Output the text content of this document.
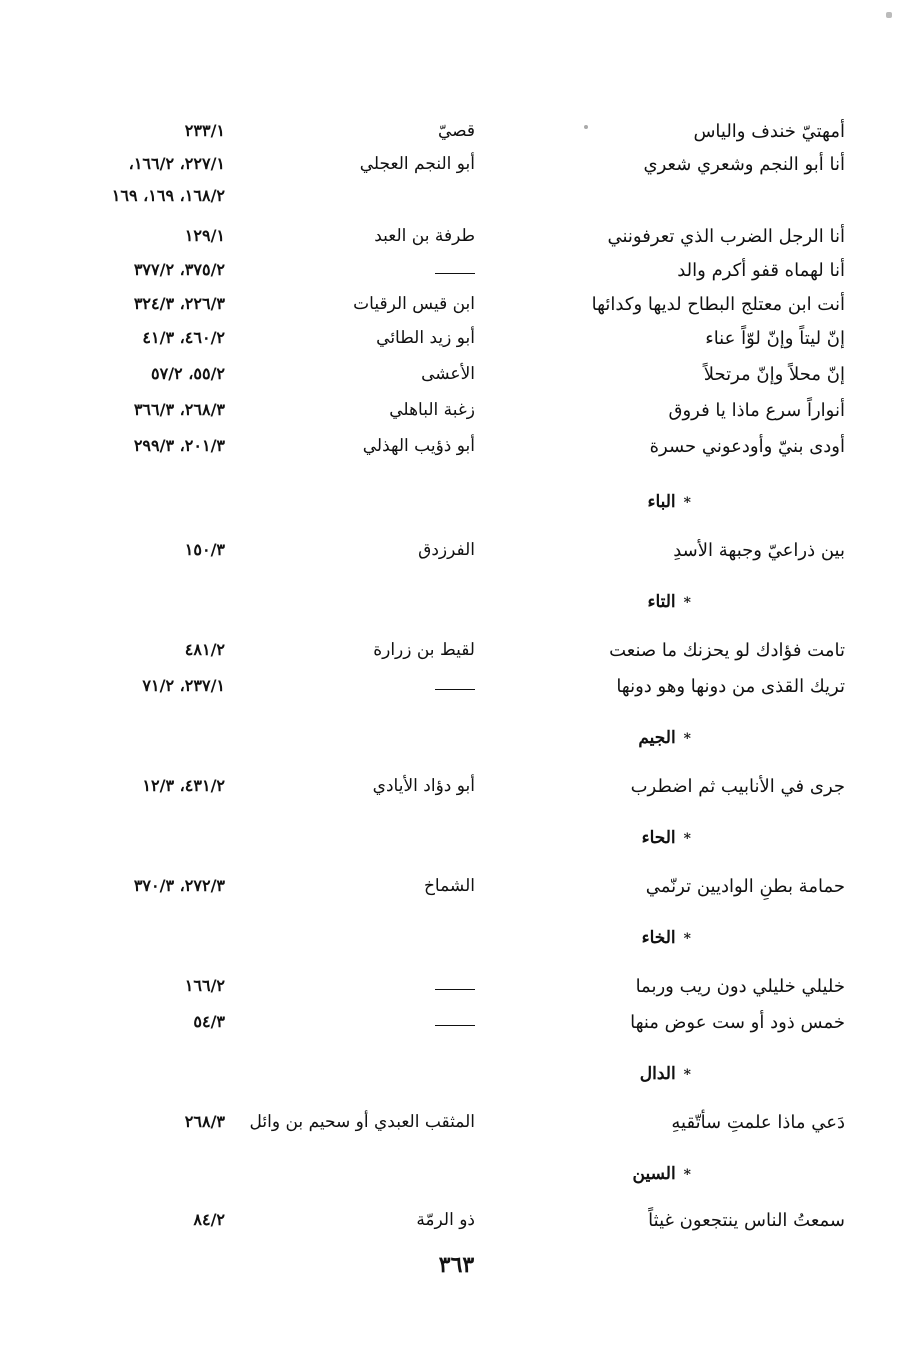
أمهتيّ خندف والياس
قصيّ
٢٣٣/١
أنا أبو النجم وشعري شعري
أبو النجم العجلي
٢٢٧/١، ١٦٦/٢،
١٦٨/٢، ١٦٩، ١٦٩
أنا الرجل الضرب الذي تعرفونني
طرفة بن العبد
١٢٩/١
أنا لهماه قفو أكرم والد
٣٧٥/٢، ٣٧٧/٢
أنت ابن معتلج البطاح لديها وكدائها
ابن قيس الرقيات
٢٢٦/٣، ٣٢٤/٣
إنّ ليتاً وإنّ لوّاً عناء
أبو زيد الطائي
٤٦٠/٢، ٤١/٣
إنّ محلاً وإنّ مرتحلاً
الأعشى
٥٥/٢، ٥٧/٢
أنواراً سرع ماذا يا فروق
زغبة الباهلي
٢٦٨/٣، ٣٦٦/٣
أودى بنيّ وأودعوني حسرة
أبو ذؤيب الهذلي
٢٠١/٣، ٢٩٩/٣
*الباء
بين ذراعيّ وجبهة الأسدِ
الفرزدق
١٥٠/٣
*التاء
تامت فؤادك لو يحزنك ما صنعت
لقيط بن زرارة
٤٨١/٢
تريك القذى من دونها وهو دونها
٢٣٧/١، ٧١/٢
*الجيم
جرى في الأنابيب ثم اضطرب
أبو دؤاد الأيادي
٤٣١/٢، ١٢/٣
*الحاء
حمامة بطنِ الواديين ترنّمي
الشماخ
٢٧٢/٣، ٣٧٠/٣
*الخاء
خليلي خليلي دون ريب وربما
١٦٦/٢
خمس ذود أو ست عوض منها
٥٤/٣
*الدال
دَعي ماذا علمتِ سأتّقيهِ
المثقب العبدي أو سحيم بن وائل
٢٦٨/٣
*السين
سمعتُ الناس ينتجعون غيثاً
ذو الرمّة
٨٤/٢
٣٦٣
